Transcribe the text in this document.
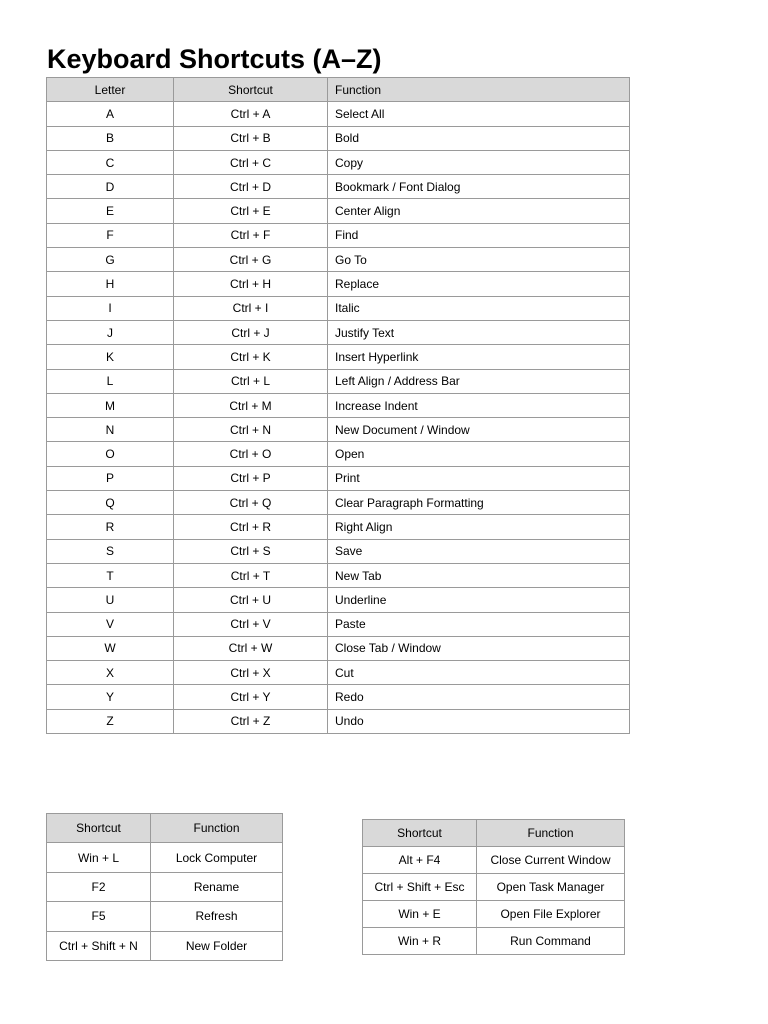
Keyboard Shortcuts (A–Z)
Letter	Shortcut	Function
A	Ctrl + A	Select All
B	Ctrl + B	Bold
C	Ctrl + C	Copy
D	Ctrl + D	Bookmark / Font Dialog
E	Ctrl + E	Center Align
F	Ctrl + F	Find
G	Ctrl + G	Go To
H	Ctrl + H	Replace
I	Ctrl + I	Italic
J	Ctrl + J	Justify Text
K	Ctrl + K	Insert Hyperlink
L	Ctrl + L	Left Align / Address Bar
M	Ctrl + M	Increase Indent
N	Ctrl + N	New Document / Window
O	Ctrl + O	Open
P	Ctrl + P	Print
Q	Ctrl + Q	Clear Paragraph Formatting
R	Ctrl + R	Right Align
S	Ctrl + S	Save
T	Ctrl + T	New Tab
U	Ctrl + U	Underline
V	Ctrl + V	Paste
W	Ctrl + W	Close Tab / Window
X	Ctrl + X	Cut
Y	Ctrl + Y	Redo
Z	Ctrl + Z	Undo
Shortcut	Function
Win + L	Lock Computer
F2	Rename
F5	Refresh
Ctrl + Shift + N	New Folder
Shortcut	Function
Alt + F4	Close Current Window
Ctrl + Shift + Esc	Open Task Manager
Win + E	Open File Explorer
Win + R	Run Command
